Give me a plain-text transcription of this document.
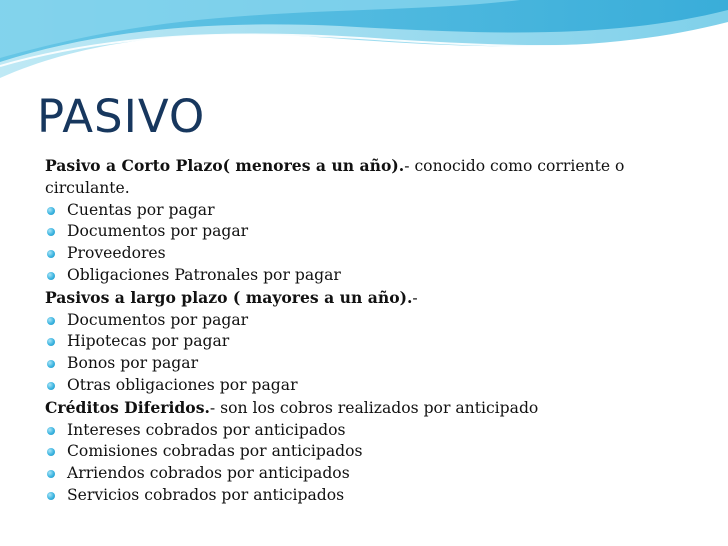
PASIVO

Pasivo a Corto Plazo( menores a un año).- conocido como corriente o circulante.

Cuentas por pagar
Documentos por pagar
Proveedores
Obligaciones Patronales por pagar

Pasivos a largo plazo ( mayores a un año).-

Documentos por pagar
Hipotecas por pagar
Bonos por pagar
Otras obligaciones por pagar

Créditos Diferidos.- son los cobros realizados por anticipado

Intereses cobrados por anticipados
Comisiones cobradas por anticipados
Arriendos cobrados por anticipados
Servicios cobrados por anticipados
